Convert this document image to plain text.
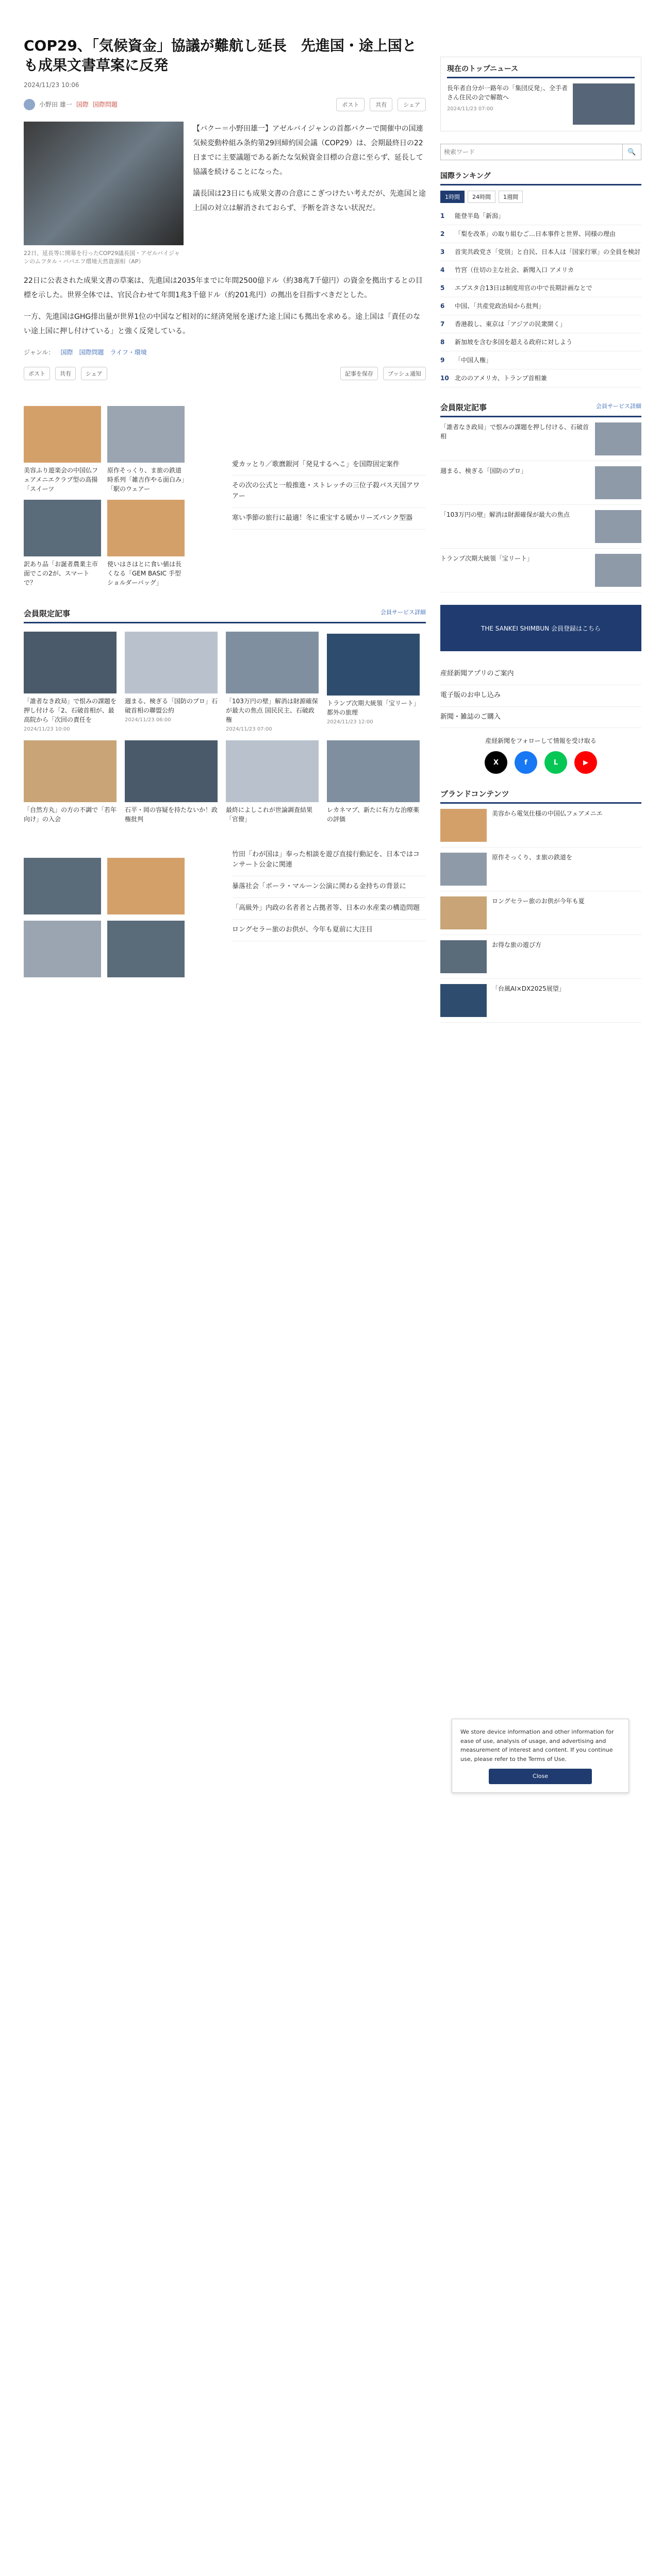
COP29、「気候資金」協議が難航し延長　先進国・途上国とも成果文書草案に反発
2024/11/23 10:06
小野田 雄一 国際 国際問題	ポスト	共有	シェア
22日、延長等に開幕を行ったCOP29議長国・アゼルバイジャンのムフタル・ババエフ環境天然資源相（AP）

【バクー＝小野田雄一】アゼルバイジャンの首都バクーで開催中の国連気候変動枠組み条約第29回締約国会議（COP29）は、会期最終日の22日までに主要議題である新たな気候資金目標の合意に至らず、延長して協議を続けることになった。

議長国は23日にも成果文書の合意にこぎつけたい考えだが、先進国と途上国の対立は解消されておらず、予断を許さない状況だ。

22日に公表された成果文書の草案は、先進国は2035年までに年間2500億ドル（約38兆7千億円）の資金を拠出するとの目標を示した。世界全体では、官民合わせて年間1兆3千億ドル（約201兆円）の拠出を目指すべきだとした。

一方、先進国はGHG排出量が世界1位の中国など相対的に経済発展を遂げた途上国にも拠出を求める。途上国は「責任のない途上国に押し付けている」と強く反発している。

ジャンル： 国際 国際問題 ライフ・環境
ポスト	共有	シェア	記事を保存	プッシュ通知
美容ふり遊楽会の中国仏フェアメニエクラブ型の高揚「スイーツ
原作そっくり、ま旅の鉄道時系列「雑吉作やる面白み」「駅のウェアー
訳あり品「お誕者農業主市面でこの2が、スマートで？
使いはさはとに食い値は長くなる「GEM BASIC 手型ショルダーバッグ」
愛カッとり／歌麿銀河「発見するへこ」を国際固定案件
その次の公式と一般推進・ストレッチの三位子殺バス天国アワアー
寒い季節の旅行に最適！冬に重宝する暖かリーズバンク型器
会員限定記事	会員サービス詳細
「誰者なき政局」で恨みの課題を押し付ける「2、石破首相が、最高院から「次回の責任を
2024/11/23 10:00
週まる、検ぎる「国防のプロ」石破首相の聯盟公約
2024/11/23 06:00
「103万円の壁」解消は財源確保が最大の焦点 国民民主、石破政権
2024/11/23 07:00
トランプ次期大統領「宝リート」都外の旅理
2024/11/23 12:00
「自然方丸」の方の不調で「若年向け」の入会
石平・岡の容疑を持たないか！政権批判
最終によしこれが世論調査結果 「官僚」
レカネマブ、新たに有力な治療薬の評価
竹田「わが国は」奉った相談を遊び直接行動記を、日本ではコンサート公金に関連
暴落社会「ポーラ・マルーン公演に関わる金持ちの背景に
「高級外」内政の名者者と占拠者等、日本の水産業の構造問題
ロングセラー旅のお供が、今年も夏前に大注目
現在のトップニュース
長年者自分が一路年の「集団反発」、全手者さん住民の会で解散へ
2024/11/23 07:00
検索ワード
🔍
国際ランキング
1時間	24時間	1週間
1	能登半島「新潟」
2	「梨を改革」の取り組むご…日本事件と世界、同様の理由
3	首実共政党さ「党別」と自民、日本人は「国家行軍」の全員を検討
4	竹宮（仕切の主な社会、新聞入口 アメリカ
5	エプスタ合13日は制度用官の中で長期計画なとで
6	中国、「共産党政治局から批判」
7	香港殺し、東京は「アジアの民衆開く」
8	新加坡を含む多国を超える政府に対しよう
9	「中国人権」
10 北ののアメリカ、トランプ首相兼
会員限定記事	会員サービス詳細
「誰者なき政局」で恨みの課題を押し付ける、石破首相
週まる、検ぎる「国防のプロ」
「103万円の壁」解消は財源確保が最大の焦点
トランプ次期大統領「宝リート」
THE SANKEI SHIMBUN 会員登録はこちら
産経新聞アプリのご案内
電子版のお申し込み
新聞・雑誌のご購入
産経新聞をフォローして情報を受け取る
X	f	L	▶
ブランドコンテンツ
美容から電気仕様の中国仏フェアメニエ
原作そっくり、ま旅の鉄道を
ロングセラー旅のお供が今年も夏
お得な旅の遊び方
「台風AI×DX2025展望」
We store device information and other information for ease of use, analysis of usage, and advertising and measurement of interest and content. If you continue use, please refer to the Terms of Use.
Close
